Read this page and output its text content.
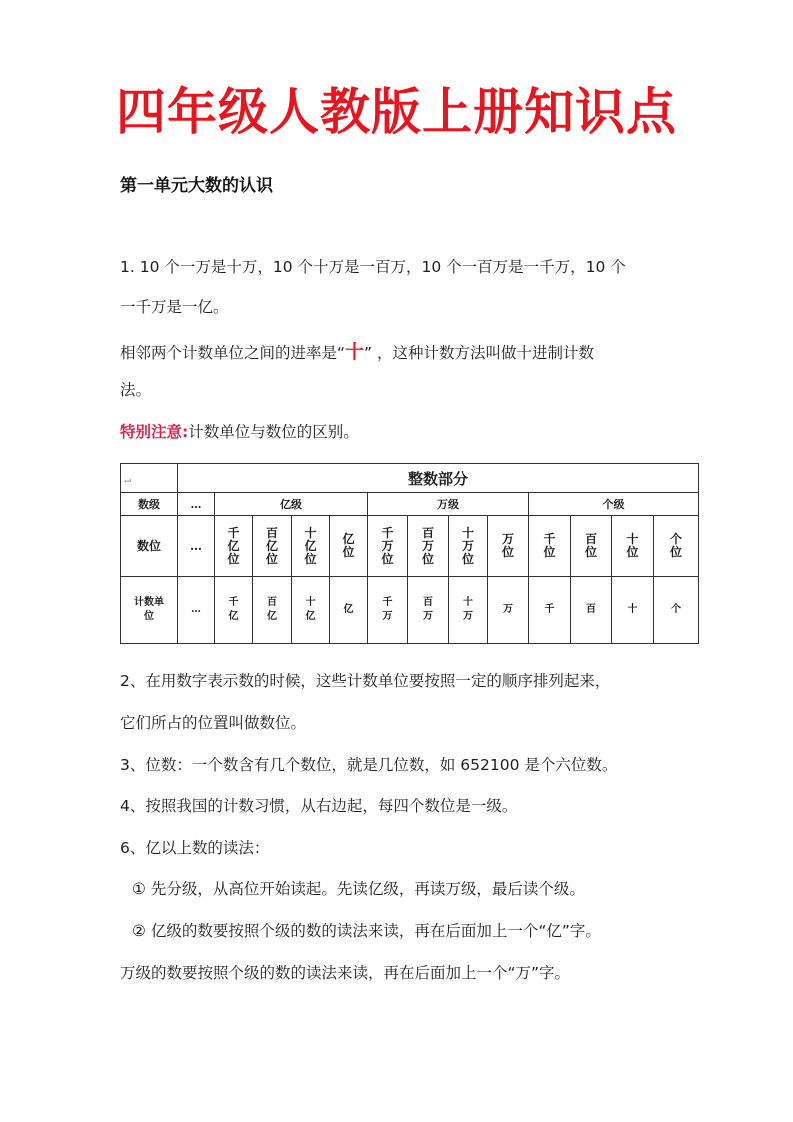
四年级人教版上册知识点
第一单元大数的认识
1. 10 个一万是十万，10 个十万是一百万，10 个一百万是一千万，10 个
一千万是一亿。
相邻两个计数单位之间的进率是“十” ，这种计数方法叫做十进制计数
法。
特别注意:计数单位与数位的区别。
↩	整数部分												
数级	…	亿级				万级				个级			
数位	…	千亿位	百亿位	十亿位	亿位	千万位	百万位	十万位	万位	千位	百位	十位	个位
计数单位	…	千亿	百亿	十亿	亿	千万	百万	十万	万	千	百	十	个
2、在用数字表示数的时候，这些计数单位要按照一定的顺序排列起来，
它们所占的位置叫做数位。
3、位数：一个数含有几个数位，就是几位数，如 652100 是个六位数。
4、按照我国的计数习惯，从右边起，每四个数位是一级。
6、亿以上数的读法：
① 先分级，从高位开始读起。先读亿级，再读万级，最后读个级。
② 亿级的数要按照个级的数的读法来读，再在后面加上一个“亿”字。
万级的数要按照个级的数的读法来读，再在后面加上一个“万”字。
